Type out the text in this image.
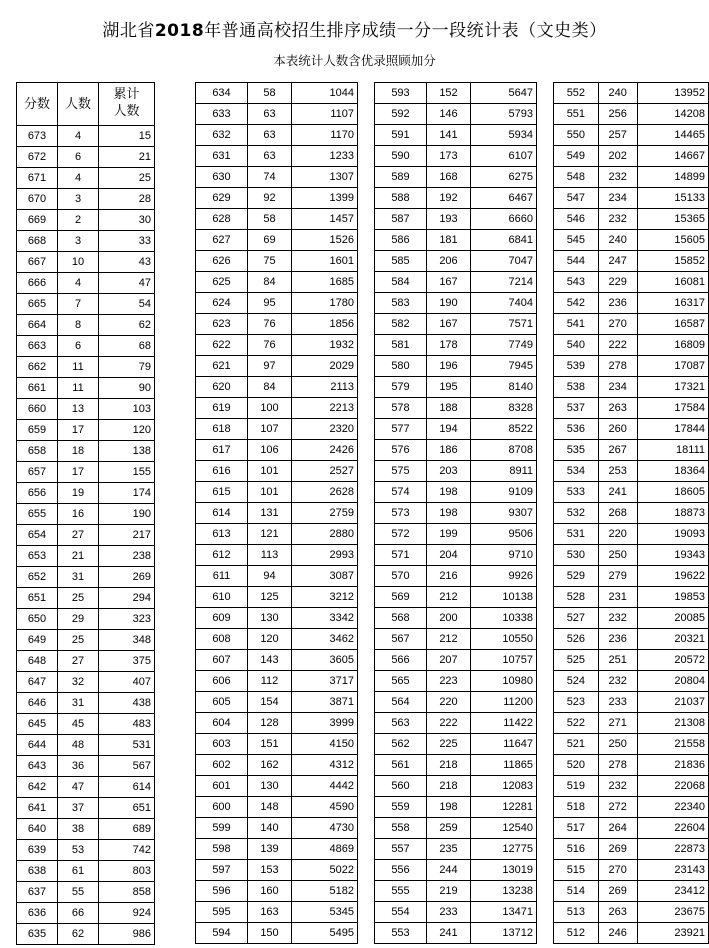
湖北省2018年普通高校招生排序成绩一分一段统计表（文史类）
本表统计人数含优录照顾加分
分数	人数	累计
人数
673	4	15
672	6	21
671	4	25
670	3	28
669	2	30
668	3	33
667	10	43
666	4	47
665	7	54
664	8	62
663	6	68
662	11	79
661	11	90
660	13	103
659	17	120
658	18	138
657	17	155
656	19	174
655	16	190
654	27	217
653	21	238
652	31	269
651	25	294
650	29	323
649	25	348
648	27	375
647	32	407
646	31	438
645	45	483
644	48	531
643	36	567
642	47	614
641	37	651
640	38	689
639	53	742
638	61	803
637	55	858
636	66	924
635	62	986
634	58	1044
633	63	1107
632	63	1170
631	63	1233
630	74	1307
629	92	1399
628	58	1457
627	69	1526
626	75	1601
625	84	1685
624	95	1780
623	76	1856
622	76	1932
621	97	2029
620	84	2113
619	100	2213
618	107	2320
617	106	2426
616	101	2527
615	101	2628
614	131	2759
613	121	2880
612	113	2993
611	94	3087
610	125	3212
609	130	3342
608	120	3462
607	143	3605
606	112	3717
605	154	3871
604	128	3999
603	151	4150
602	162	4312
601	130	4442
600	148	4590
599	140	4730
598	139	4869
597	153	5022
596	160	5182
595	163	5345
594	150	5495
593	152	5647
592	146	5793
591	141	5934
590	173	6107
589	168	6275
588	192	6467
587	193	6660
586	181	6841
585	206	7047
584	167	7214
583	190	7404
582	167	7571
581	178	7749
580	196	7945
579	195	8140
578	188	8328
577	194	8522
576	186	8708
575	203	8911
574	198	9109
573	198	9307
572	199	9506
571	204	9710
570	216	9926
569	212	10138
568	200	10338
567	212	10550
566	207	10757
565	223	10980
564	220	11200
563	222	11422
562	225	11647
561	218	11865
560	218	12083
559	198	12281
558	259	12540
557	235	12775
556	244	13019
555	219	13238
554	233	13471
553	241	13712
552	240	13952
551	256	14208
550	257	14465
549	202	14667
548	232	14899
547	234	15133
546	232	15365
545	240	15605
544	247	15852
543	229	16081
542	236	16317
541	270	16587
540	222	16809
539	278	17087
538	234	17321
537	263	17584
536	260	17844
535	267	18111
534	253	18364
533	241	18605
532	268	18873
531	220	19093
530	250	19343
529	279	19622
528	231	19853
527	232	20085
526	236	20321
525	251	20572
524	232	20804
523	233	21037
522	271	21308
521	250	21558
520	278	21836
519	232	22068
518	272	22340
517	264	22604
516	269	22873
515	270	23143
514	269	23412
513	263	23675
512	246	23921
